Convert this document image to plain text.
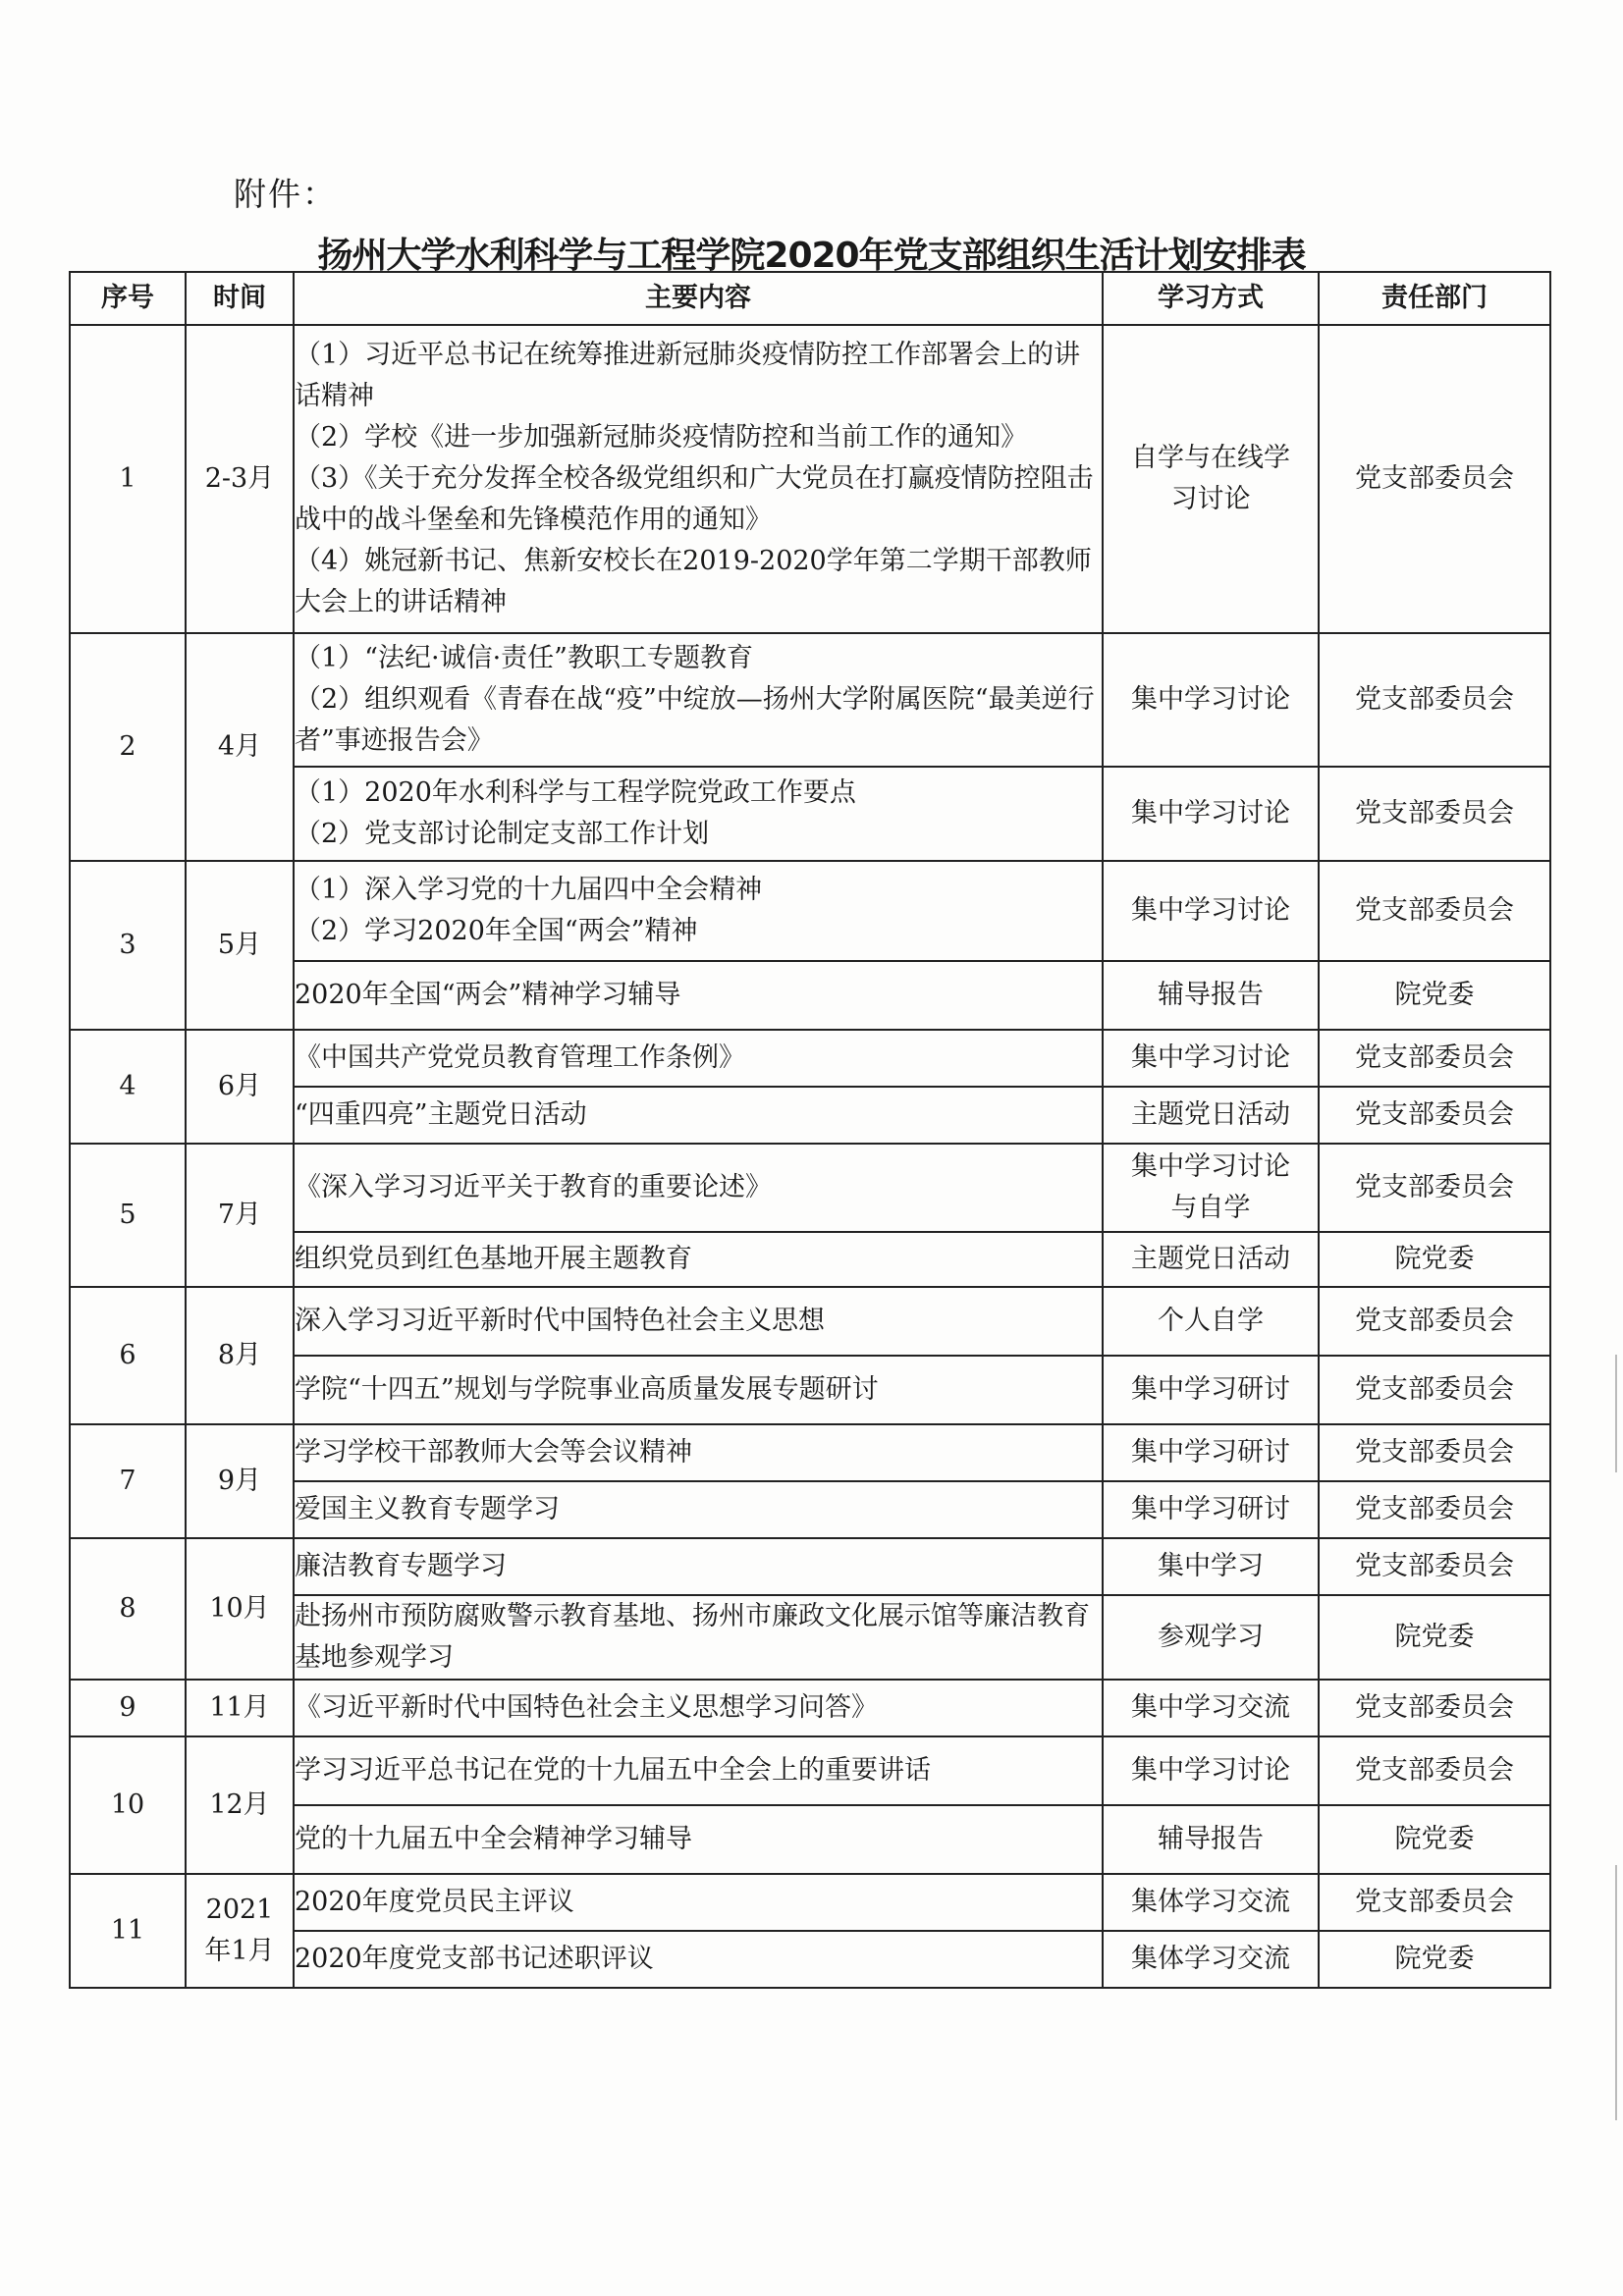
附件：
扬州大学水利科学与工程学院2020年党支部组织生活计划安排表
序号	时间	主要内容	学习方式	责任部门
1	2-3月	（1）习近平总书记在统筹推进新冠肺炎疫情防控工作部署会上的讲话精神
（2）学校《进一步加强新冠肺炎疫情防控和当前工作的通知》
（3）《关于充分发挥全校各级党组织和广大党员在打赢疫情防控阻击战中的战斗堡垒和先锋模范作用的通知》
（4）姚冠新书记、焦新安校长在2019-2020学年第二学期干部教师大会上的讲话精神	自学与在线学习讨论	党支部委员会
2	4月	（1）“法纪·诚信·责任”教职工专题教育
（2）组织观看《青春在战“疫”中绽放—扬州大学附属医院“最美逆行者”事迹报告会》	集中学习讨论	党支部委员会

		（1）2020年水利科学与工程学院党政工作要点
（2）党支部讨论制定支部工作计划	集中学习讨论	党支部委员会
3	5月	（1）深入学习党的十九届四中全会精神
（2）学习2020年全国“两会”精神	集中学习讨论	党支部委员会

		2020年全国“两会”精神学习辅导	辅导报告	院党委
4	6月	《中国共产党党员教育管理工作条例》	集中学习讨论	党支部委员会

		“四重四亮”主题党日活动	主题党日活动	党支部委员会
5	7月	《深入学习习近平关于教育的重要论述》	集中学习讨论与自学	党支部委员会

		组织党员到红色基地开展主题教育	主题党日活动	院党委
6	8月	深入学习习近平新时代中国特色社会主义思想	个人自学	党支部委员会

		学院“十四五”规划与学院事业高质量发展专题研讨	集中学习研讨	党支部委员会
7	9月	学习学校干部教师大会等会议精神	集中学习研讨	党支部委员会

		爱国主义教育专题学习	集中学习研讨	党支部委员会
8	10月	廉洁教育专题学习	集中学习	党支部委员会

		赴扬州市预防腐败警示教育基地、扬州市廉政文化展示馆等廉洁教育基地参观学习	参观学习	院党委
9	11月	《习近平新时代中国特色社会主义思想学习问答》	集中学习交流	党支部委员会
10	12月	学习习近平总书记在党的十九届五中全会上的重要讲话	集中学习讨论	党支部委员会

		党的十九届五中全会精神学习辅导	辅导报告	院党委
11	2021
年1月	2020年度党员民主评议	集体学习交流	党支部委员会

		2020年度党支部书记述职评议	集体学习交流	院党委
